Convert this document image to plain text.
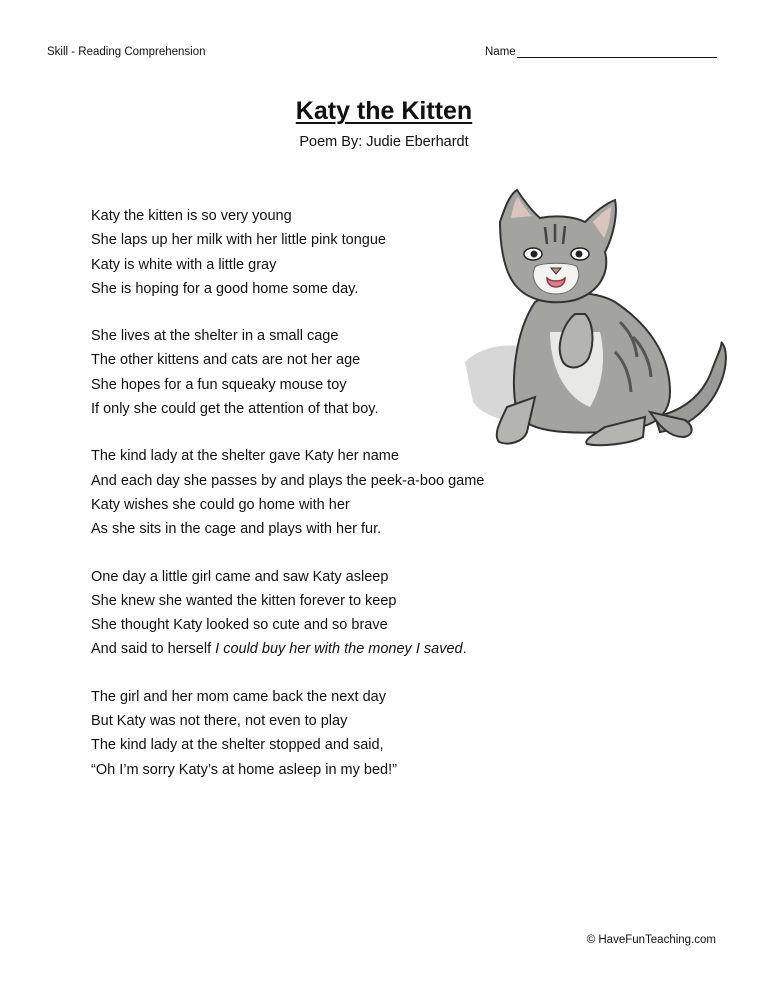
Skill - Reading Comprehension	Name
Katy the Kitten
Poem By: Judie Eberhardt
Katy the kitten is so very young
She laps up her milk with her little pink tongue
Katy is white with a little gray
She is hoping for a good home some day.
She lives at the shelter in a small cage
The other kittens and cats are not her age
She hopes for a fun squeaky mouse toy
If only she could get the attention of that boy.
The kind lady at the shelter gave Katy her name
And each day she passes by and plays the peek-a-boo game
Katy wishes she could go home with her
As she sits in the cage and plays with her fur.
One day a little girl came and saw Katy asleep
She knew she wanted the kitten forever to keep
She thought Katy looked so cute and so brave
And said to herself I could buy her with the money I saved.
The girl and her mom came back the next day
But Katy was not there, not even to play
The kind lady at the shelter stopped and said,
“Oh I’m sorry Katy’s at home asleep in my bed!”
© HaveFunTeaching.com
